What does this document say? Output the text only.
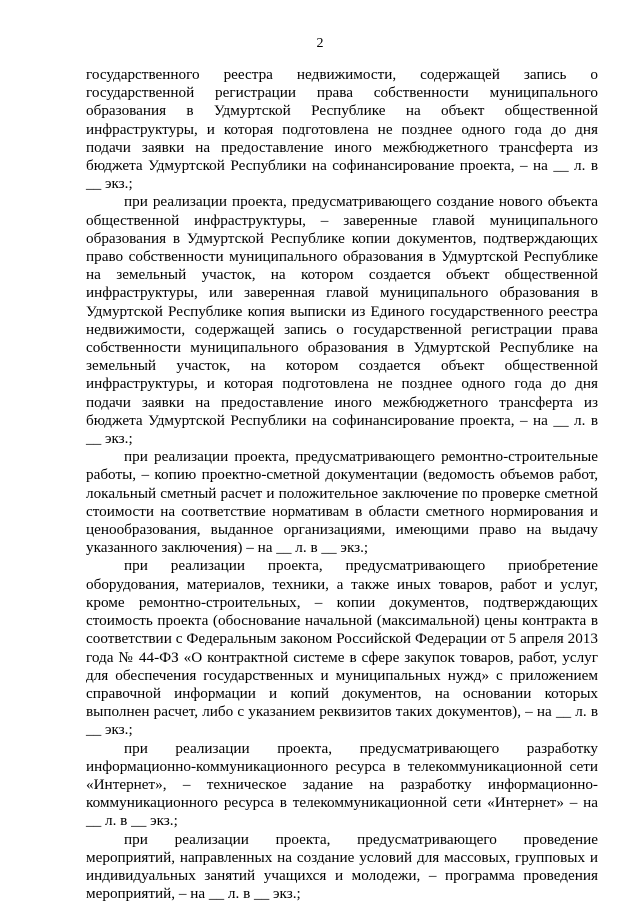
2

государственного реестра недвижимости, содержащей запись о государственной регистрации права собственности муниципального образования в Удмуртской Республике на объект общественной инфраструктуры, и которая подготовлена не позднее одного года до дня подачи заявки на предоставление иного межбюджетного трансферта из бюджета Удмуртской Республики на софинансирование проекта, – на __ л. в __ экз.;

при реализации проекта, предусматривающего создание нового объекта общественной инфраструктуры, – заверенные главой муниципального образования в Удмуртской Республике копии документов, подтверждающих право собственности муниципального образования в Удмуртской Республике на земельный участок, на котором создается объект общественной инфраструктуры, или заверенная главой муниципального образования в Удмуртской Республике копия выписки из Единого государственного реестра недвижимости, содержащей запись о государственной регистрации права собственности муниципального образования в Удмуртской Республике на земельный участок, на котором создается объект общественной инфраструктуры, и которая подготовлена не позднее одного года до дня подачи заявки на предоставление иного межбюджетного трансферта из бюджета Удмуртской Республики на софинансирование проекта, – на __ л. в __ экз.;

при реализации проекта, предусматривающего ремонтно-строительные работы, – копию проектно-сметной документации (ведомость объемов работ, локальный сметный расчет и положительное заключение по проверке сметной стоимости на соответствие нормативам в области сметного нормирования и ценообразования, выданное организациями, имеющими право на выдачу указанного заключения) – на __ л. в __ экз.;

при реализации проекта, предусматривающего приобретение оборудования, материалов, техники, а также иных товаров, работ и услуг, кроме ремонтно-строительных, – копии документов, подтверждающих стоимость проекта (обоснование начальной (максимальной) цены контракта в соответствии с Федеральным законом Российской Федерации от 5 апреля 2013 года № 44-ФЗ «О контрактной системе в сфере закупок товаров, работ, услуг для обеспечения государственных и муниципальных нужд» с приложением справочной информации и копий документов, на основании которых выполнен расчет, либо с указанием реквизитов таких документов), – на __ л. в __ экз.;

при реализации проекта, предусматривающего разработку информационно-коммуникационного ресурса в телекоммуникационной сети «Интернет», – техническое задание на разработку информационно-коммуникационного ресурса в телекоммуникационной сети «Интернет» – на __ л. в __ экз.;

при реализации проекта, предусматривающего проведение мероприятий, направленных на создание условий для массовых, групповых и индивидуальных занятий учащихся и молодежи, – программа проведения мероприятий, – на __ л. в __ экз.;
